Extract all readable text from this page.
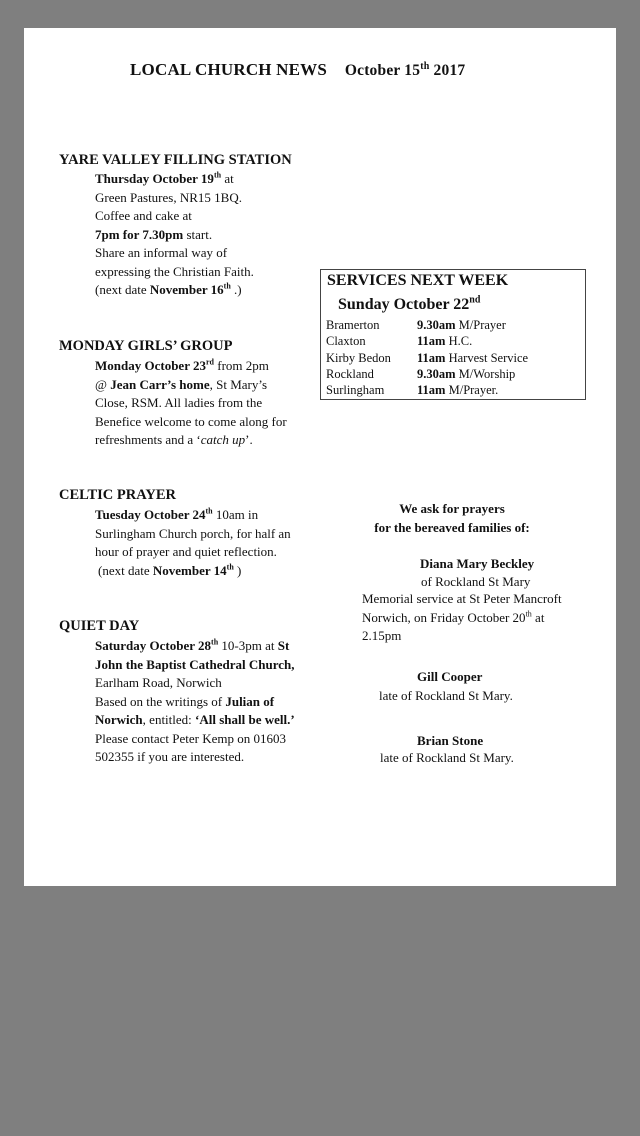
LOCAL CHURCH NEWS October 15th 2017
YARE VALLEY FILLING STATION
Thursday October 19th at
Green Pastures, NR15 1BQ.
Coffee and cake at
7pm for 7.30pm start.
Share an informal way of
expressing the Christian Faith.
(next date November 16th .)
SERVICES NEXT WEEK
Sunday October 22nd
Bramerton	9.30am M/Prayer
Claxton	11am H.C.
Kirby Bedon 11am Harvest Service
Rockland	9.30am M/Worship
Surlingham	11am M/Prayer.
MONDAY GIRLS’ GROUP
Monday October 23rd from 2pm
@ Jean Carr’s home, St Mary’s
Close, RSM. All ladies from the
Benefice welcome to come along for
refreshments and a ‘catch up’.
CELTIC PRAYER
Tuesday October 24th 10am in
Surlingham Church porch, for half an
hour of prayer and quiet reflection.
(next date November 14th )
QUIET DAY
Saturday October 28th 10-3pm at St
John the Baptist Cathedral Church,
Earlham Road, Norwich
Based on the writings of Julian of
Norwich, entitled: ‘All shall be well.’
Please contact Peter Kemp on 01603
502355 if you are interested.
We ask for prayers
for the bereaved families of:
Diana Mary Beckley
of Rockland St Mary
Memorial service at St Peter Mancroft
Norwich, on Friday October 20th at
2.15pm
Gill Cooper
late of Rockland St Mary.
Brian Stone
late of Rockland St Mary.
